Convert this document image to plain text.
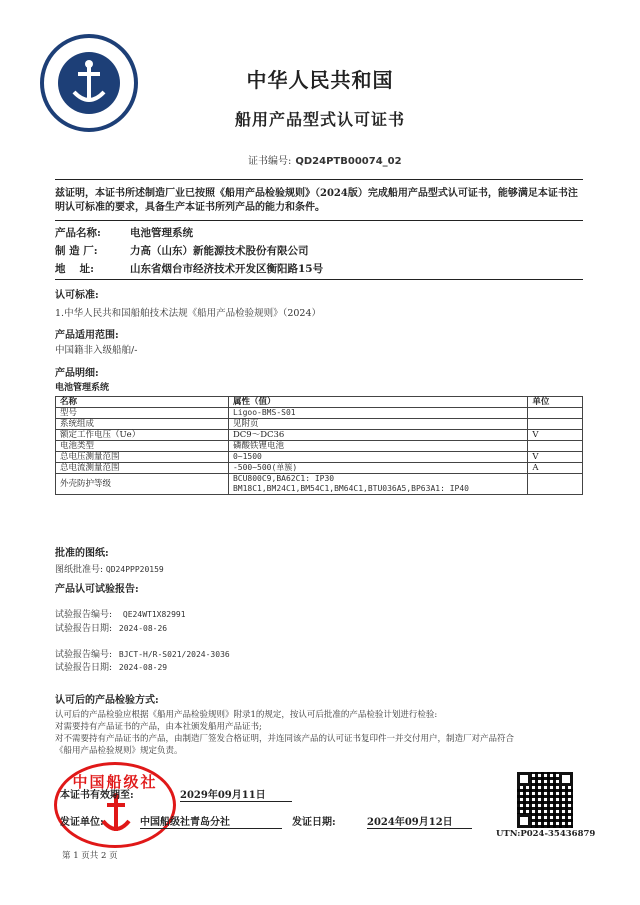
中华人民共和国
船用产品型式认可证书
证书编号: QD24PTB00074_02
兹证明，本证书所述制造厂业已按照《船用产品检验规则》（2024版）完成船用产品型式认可证书，能够满足本证书注明认可标准的要求，具备生产本证书所列产品的能力和条件。
产品名称:	电池管理系统
制 造 厂:	力高（山东）新能源技术股份有限公司
地　 址:	山东省烟台市经济技术开发区衡阳路15号
认可标准:
1.中华人民共和国船舶技术法规《船用产品检验规则》（2024）
产品适用范围:
中国籍非入级船舶/-
产品明细:
电池管理系统
名称	属性（值）	单位
型号	Ligoo-BMS-S01	
系统组成	见附页	
额定工作电压（Ue）	DC9～DC36	V
电池类型	磷酸铁锂电池	
总电压测量范围	0~1500	V
总电流测量范围	-500~500(单簇)	A
外壳防护等级	BCU800C9,BA62C1: IP30
BM18C1,BM24C1,BM54C1,BM64C1,BTU036A5,BP63A1: IP40	

批准的图纸:
图纸批准号: QD24PPP20159
产品认可试验报告:
试验报告编号: QE24WT1X82991
试验报告日期: 2024-08-26
试验报告编号: BJCT-H/R-S021/2024-3036
试验报告日期: 2024-08-29
认可后的产品检验方式:
认可后的产品检验应根据《船用产品检验规则》附录1的规定，按认可后批准的产品检验计划进行检验:
对需要持有产品证书的产品，由本社颁发船用产品证书;
对不需要持有产品证书的产品，由制造厂签发合格证明，并连同该产品的认可证书复印件一并交付用户，制造厂对产品符合
《船用产品检验规则》规定负责。
中国船级社
本证书有效期至:	2029年09月11日
发证单位:	中国船级社青岛分社	发证日期:	2024年09月12日
UTN:P024-35436879
第 1 页共 2 页
